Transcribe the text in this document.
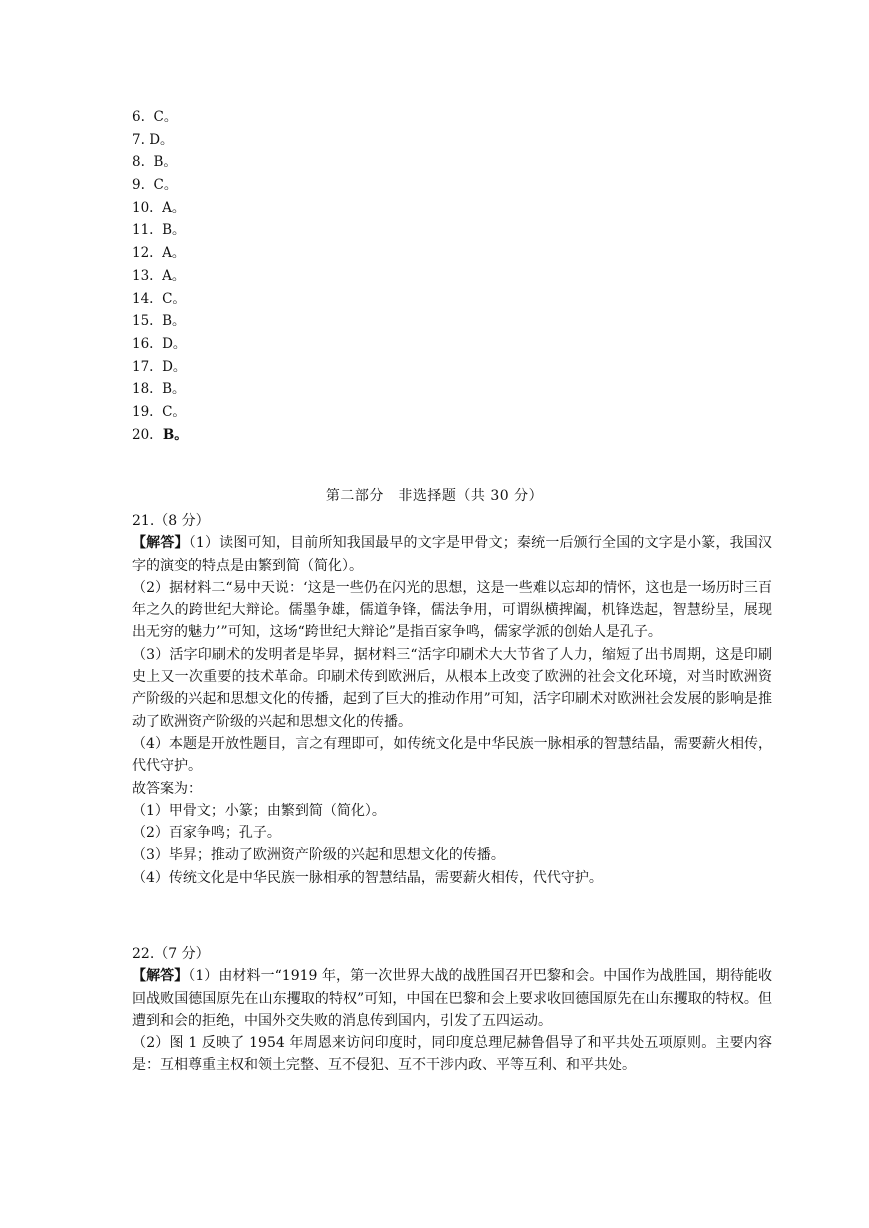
6. C。
7. D。
8. B。
9. C。
10. A。
11. B。
12. A。
13. A。
14. C。
15. B。
16. D。
17. D。
18. B。
19. C。
20. B。
第二部分　非选择题（共 30 分）

21.（8 分）

【解答】（1）读图可知，目前所知我国最早的文字是甲骨文；秦统一后颁行全国的文字是小篆，我国汉字的演变的特点是由繁到简（简化）。

（2）据材料二“易中天说：‘这是一些仍在闪光的思想，这是一些难以忘却的情怀，这也是一场历时三百年之久的跨世纪大辩论。儒墨争雄，儒道争锋，儒法争用，可谓纵横捭阖，机锋迭起，智慧纷呈，展现出无穷的魅力’”可知，这场“跨世纪大辩论”是指百家争鸣，儒家学派的创始人是孔子。

（3）活字印刷术的发明者是毕昇，据材料三“活字印刷术大大节省了人力，缩短了出书周期，这是印刷史上又一次重要的技术革命。印刷术传到欧洲后，从根本上改变了欧洲的社会文化环境，对当时欧洲资产阶级的兴起和思想文化的传播，起到了巨大的推动作用”可知，活字印刷术对欧洲社会发展的影响是推动了欧洲资产阶级的兴起和思想文化的传播。

（4）本题是开放性题目，言之有理即可，如传统文化是中华民族一脉相承的智慧结晶，需要薪火相传，代代守护。

故答案为：

（1）甲骨文；小篆；由繁到简（简化）。

（2）百家争鸣；孔子。

（3）毕昇；推动了欧洲资产阶级的兴起和思想文化的传播。

（4）传统文化是中华民族一脉相承的智慧结晶，需要薪火相传，代代守护。

22.（7 分）

【解答】（1）由材料一“1919 年，第一次世界大战的战胜国召开巴黎和会。中国作为战胜国，期待能收回战败国德国原先在山东攫取的特权”可知，中国在巴黎和会上要求收回德国原先在山东攫取的特权。但遭到和会的拒绝，中国外交失败的消息传到国内，引发了五四运动。

（2）图 1 反映了 1954 年周恩来访问印度时，同印度总理尼赫鲁倡导了和平共处五项原则。主要内容是：互相尊重主权和领土完整、互不侵犯、互不干涉内政、平等互利、和平共处。
